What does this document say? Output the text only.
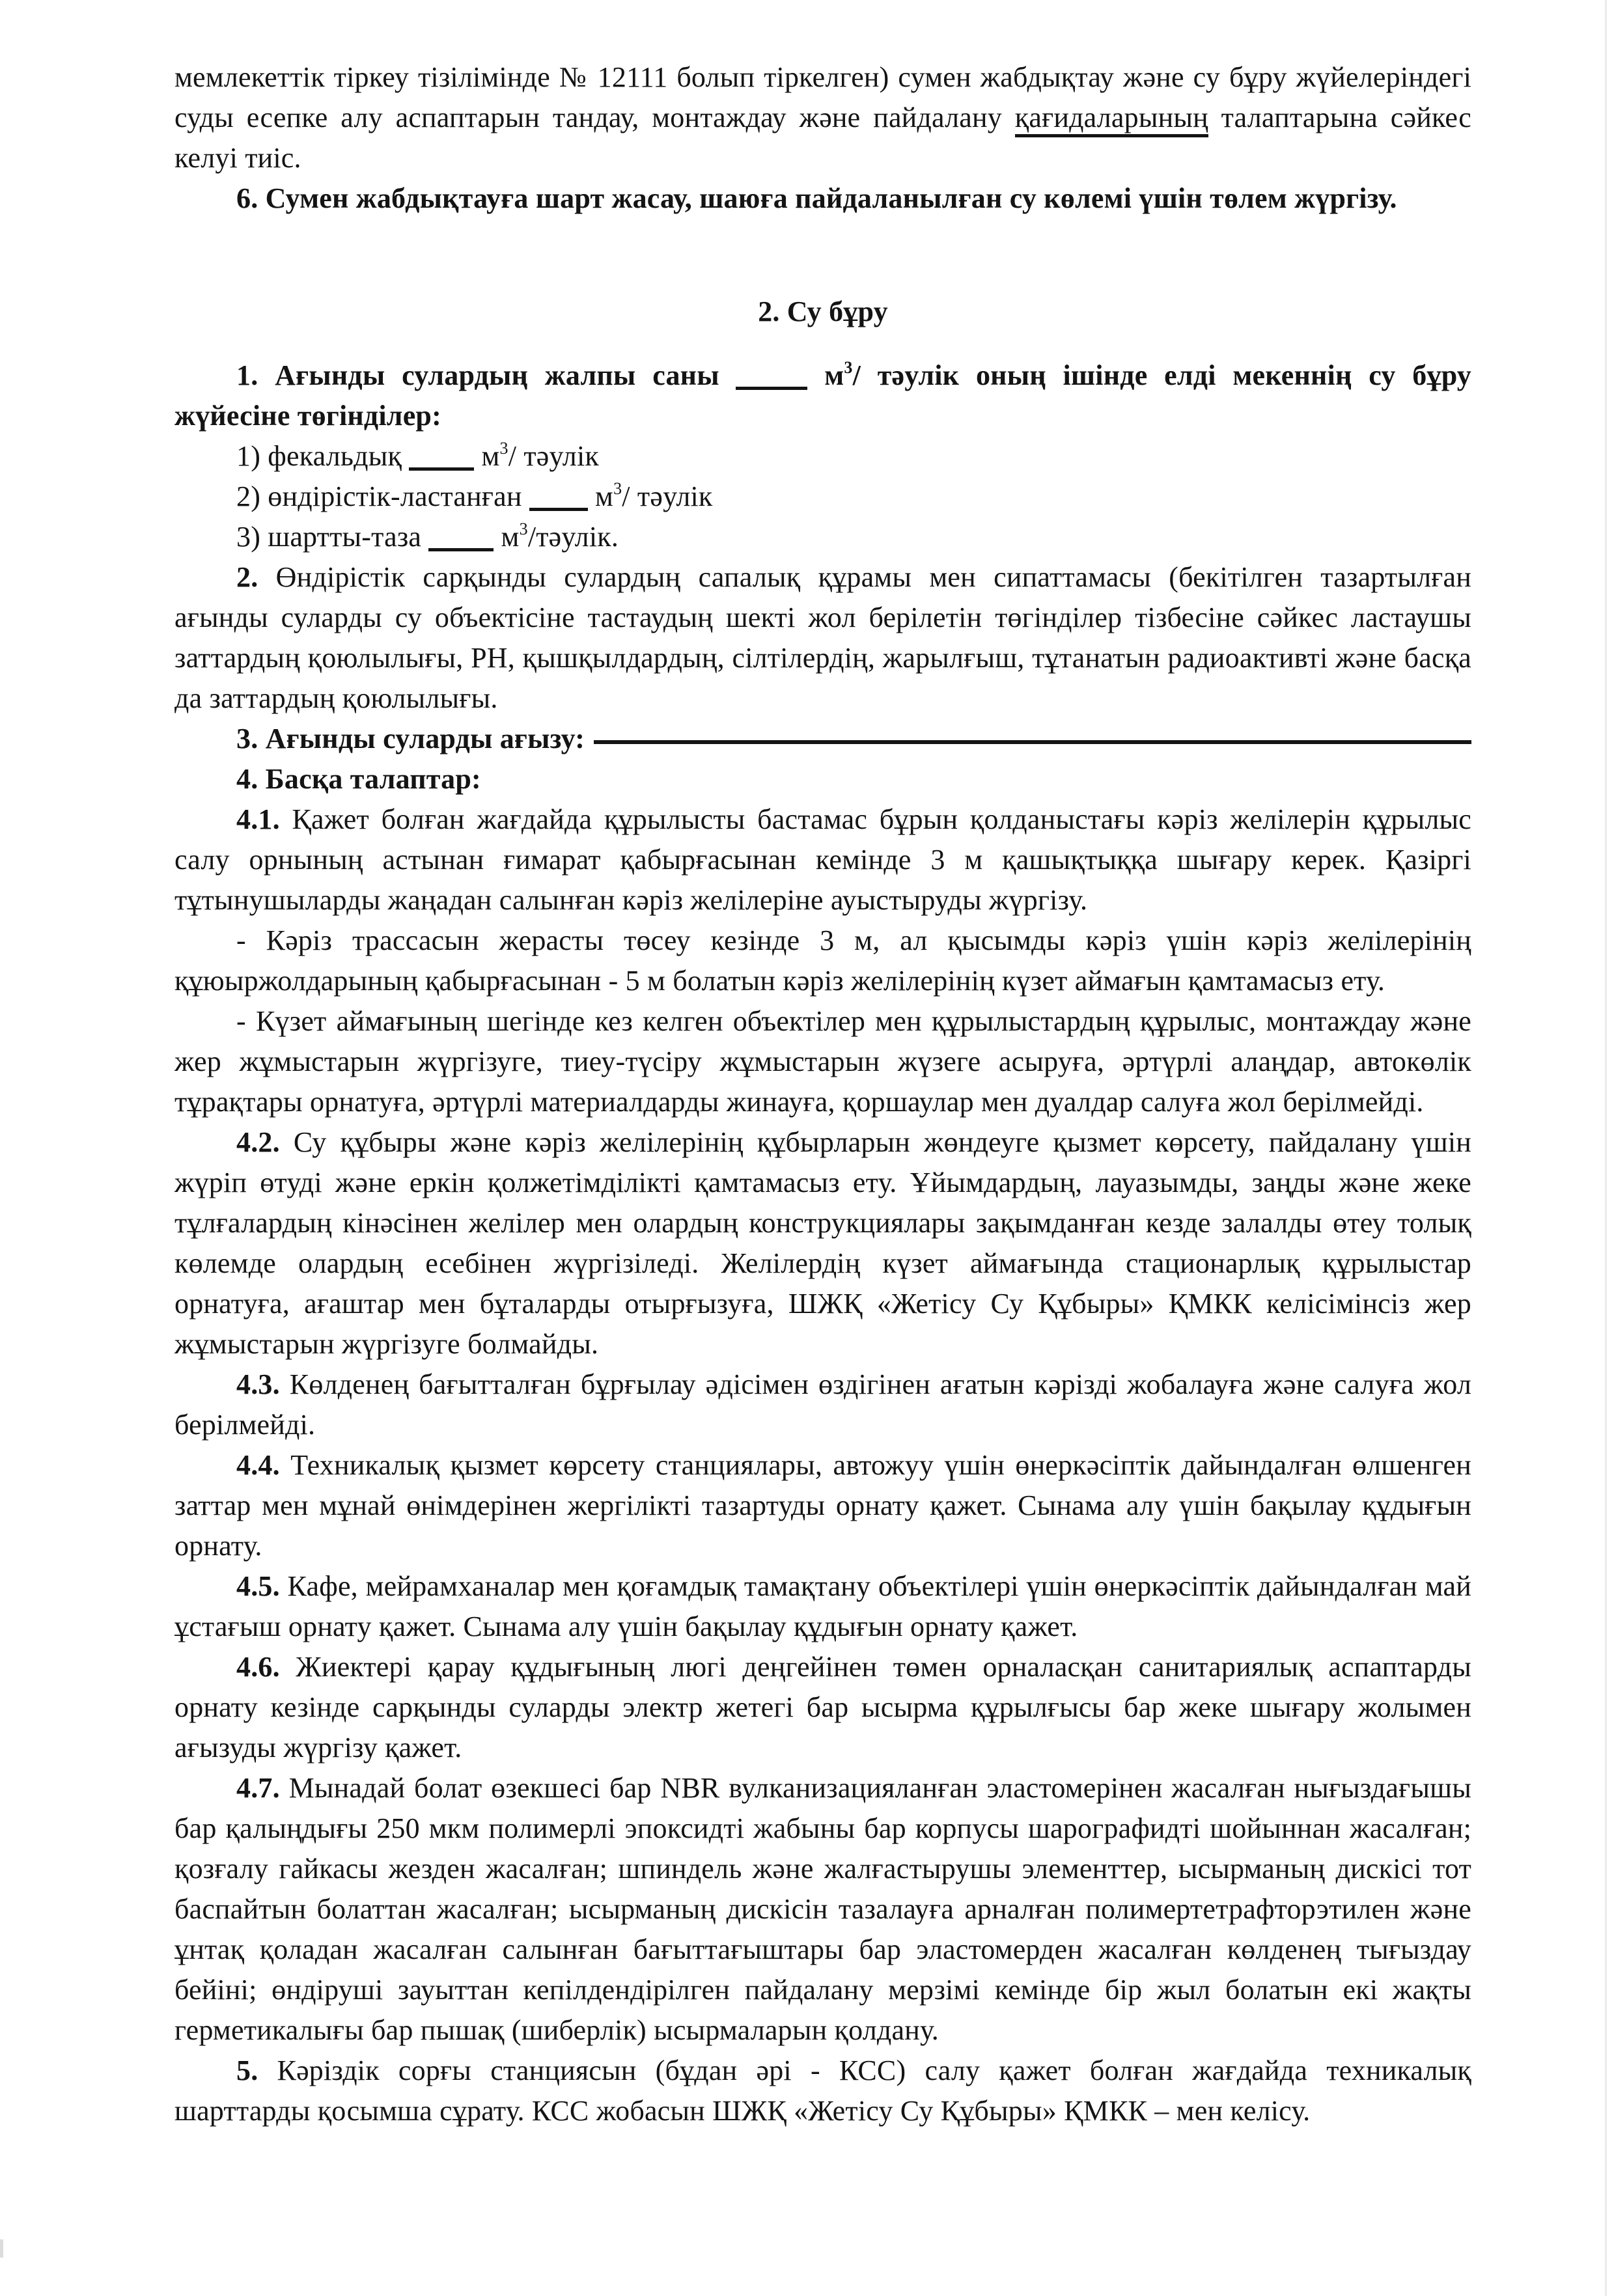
мемлекеттік тіркеу тізілімінде № 12111 болып тіркелген) сумен жабдықтау және су бұру жүйелеріндегі суды есепке алу аспаптарын тандау, монтаждау және пайдалану қағидаларының талаптарына сәйкес келуі тиіс.

6. Сумен жабдықтауға шарт жасау, шаюға пайдаланылған су көлемі үшін төлем жүргізу.

2. Су бұру

1. Ағынды сулардың жалпы саны	$м^3/$ тәулік оның ішінде елді мекеннің су бұру жүйесіне төгінділер:

1) фекальдық  $м^3/$ тәулік

2) өндірістік-ластанған  $м^3/$ тәулік

3) шартты-таза  $м^3$/тәулік.

2. Өндірістік сарқынды сулардың сапалық құрамы мен сипаттамасы (бекітілген тазартылған ағынды суларды су объектісіне тастаудың шекті жол берілетін төгінділер тізбесіне сәйкес ластаушы заттардың қоюлылығы, РН, қышқылдардың, сілтілердің, жарылғыш, тұтанатын радиоактивті және басқа да заттардың қоюлылығы.

3. Ағынды суларды ағызу:

4. Басқа талаптар:

4.1. Қажет болған жағдайда құрылысты бастамас бұрын қолданыстағы кәріз желілерін құрылыс салу орнының астынан ғимарат қабырғасынан кемінде 3 м қашықтыққа шығару керек. Қазіргі тұтынушыларды жаңадан салынған кәріз желілеріне ауыстыруды жүргізу.

- Кәріз трассасын жерасты төсеу кезінде 3 м, ал қысымды кәріз үшін кәріз желілерінің құюыржолдарының қабырғасынан - 5 м болатын кәріз желілерінің күзет аймағын қамтамасыз ету.

- Күзет аймағының шегінде кез келген объектілер мен құрылыстардың құрылыс, монтаждау және жер жұмыстарын жүргізуге, тиеу-түсіру жұмыстарын жүзеге асыруға, әртүрлі алаңдар, автокөлік тұрақтары орнатуға, әртүрлі материалдарды жинауға, қоршаулар мен дуалдар салуға жол берілмейді.

4.2. Су құбыры және кәріз желілерінің құбырларын жөндеуге қызмет көрсету, пайдалану үшін жүріп өтуді және еркін қолжетімділікті қамтамасыз ету. Ұйымдардың, лауазымды, заңды және жеке тұлғалардың кінәсінен желілер мен олардың конструкциялары зақымданған кезде залалды өтеу толық көлемде олардың есебінен жүргізіледі. Желілердің күзет аймағында стационарлық құрылыстар орнатуға, ағаштар мен бұталарды отырғызуға, ШЖҚ «Жетісу Су Құбыры» ҚМКК келісімінсіз жер жұмыстарын жүргізуге болмайды.

4.3. Көлденең бағытталған бұрғылау әдісімен өздігінен ағатын кәрізді жобалауға және салуға жол берілмейді.

4.4. Техникалық қызмет көрсету станциялары, автожуу үшін өнеркәсіптік дайындалған өлшенген заттар мен мұнай өнімдерінен жергілікті тазартуды орнату қажет. Сынама алу үшін бақылау құдығын орнату.

4.5. Кафе, мейрамханалар мен қоғамдық тамақтану объектілері үшін өнеркәсіптік дайындалған май ұстағыш орнату қажет. Сынама алу үшін бақылау құдығын орнату қажет.

4.6. Жиектері қарау құдығының люгі деңгейінен төмен орналасқан санитариялық аспаптарды орнату кезінде сарқынды суларды электр жетегі бар ысырма құрылғысы бар жеке шығару жолымен ағызуды жүргізу қажет.

4.7. Мынадай болат өзекшесі бар NBR вулканизацияланған эластомерінен жасалған нығыздағышы бар қалыңдығы 250 мкм полимерлі эпоксидті жабыны бар корпусы шарографидті шойыннан жасалған; қозғалу гайкасы жезден жасалған; шпиндель және жалғастырушы элементтер, ысырманың дискісі тот баспайтын болаттан жасалған; ысырманың дискісін тазалауға арналған полимертетрафторэтилен және ұнтақ қоладан жасалған салынған бағыттағыштары бар эластомерден жасалған көлденең тығыздау бейіні; өндіруші зауыттан кепілдендірілген пайдалану мерзімі кемінде бір жыл болатын екі жақты герметикалығы бар пышақ (шиберлік) ысырмаларын қолдану.

5. Кәріздік сорғы станциясын (бұдан әрі - КСС) салу қажет болған жағдайда техникалық шарттарды қосымша сұрату. КСС жобасын ШЖҚ «Жетісу Су Құбыры» ҚМКК – мен келісу.
